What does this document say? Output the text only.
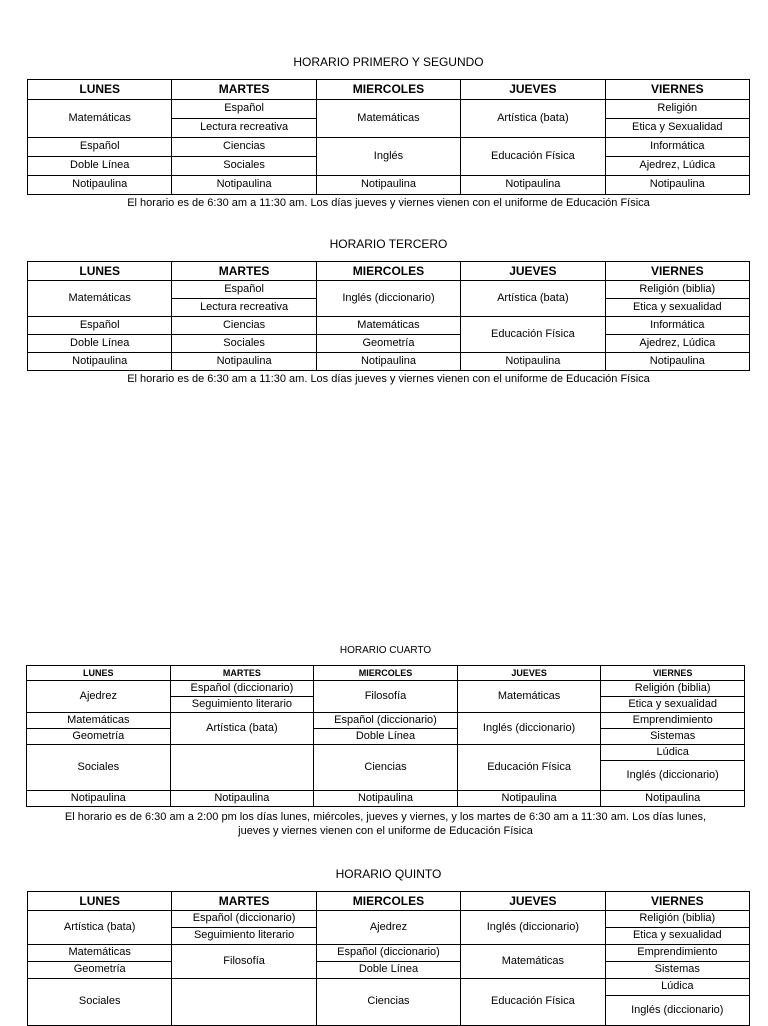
HORARIO PRIMERO Y SEGUNDO
LUNES	MARTES	MIERCOLES	JUEVES	VIERNES
Matemáticas	Español	Matemáticas	Artística (bata)	Religión
	Lectura recreativa			Etica y Sexualidad
Español	Ciencias	Inglés	Educación Física	Informática
Doble Línea	Sociales			Ajedrez, Lúdica
Notipaulina	Notipaulina	Notipaulina	Notipaulina	Notipaulina
El horario es de 6:30 am a 11:30 am. Los días jueves y viernes vienen con el uniforme de Educación Física
HORARIO TERCERO
LUNES	MARTES	MIERCOLES	JUEVES	VIERNES
Matemáticas	Español	Inglés (diccionario)	Artística (bata)	Religión (biblia)
	Lectura recreativa			Etica y sexualidad
Español	Ciencias	Matemáticas	Educación Física	Informática
Doble Línea	Sociales	Geometría		Ajedrez, Lúdica
Notipaulina	Notipaulina	Notipaulina	Notipaulina	Notipaulina
El horario es de 6:30 am a 11:30 am. Los días jueves y viernes vienen con el uniforme de Educación Física
HORARIO CUARTO
LUNES	MARTES	MIERCOLES	JUEVES	VIERNES
Ajedrez	Español (diccionario)	Filosofía	Matemáticas	Religión (biblia)
	Seguimiento literario			Etica y sexualidad
Matemáticas	Artística (bata)	Español (diccionario)	Inglés (diccionario)	Emprendimiento
Geometría		Doble Línea		Sistemas
Sociales		Ciencias	Educación Física	Lúdica
				Inglés (diccionario)
Notipaulina	Notipaulina	Notipaulina	Notipaulina	Notipaulina
El horario es de 6:30 am a 2:00 pm los días lunes, miércoles, jueves y viernes, y los martes de 6:30 am a 11:30 am. Los días lunes,
jueves y viernes vienen con el uniforme de Educación Física
HORARIO QUINTO
LUNES	MARTES	MIERCOLES	JUEVES	VIERNES
Artística (bata)	Español (diccionario)	Ajedrez	Inglés (diccionario)	Religión (biblia)
	Seguimiento literario			Etica y sexualidad
Matemáticas	Filosofía	Español (diccionario)	Matemáticas	Emprendimiento
Geometría		Doble Línea		Sistemas
Sociales		Ciencias	Educación Física	Lúdica
				Inglés (diccionario)
